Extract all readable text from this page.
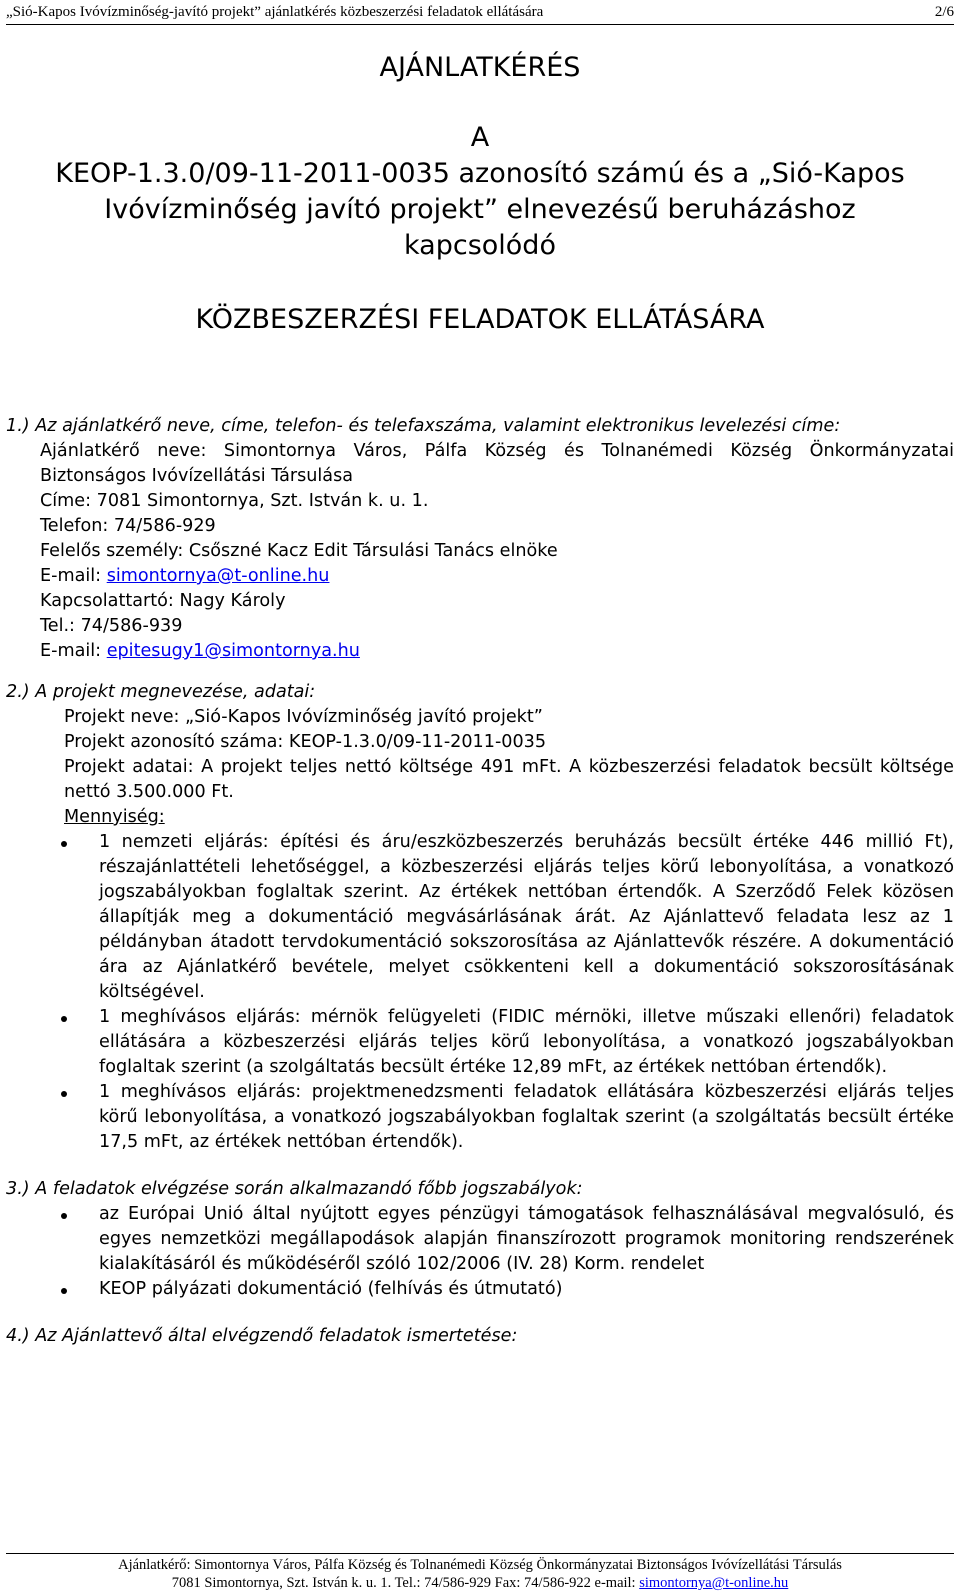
„Sió-Kapos Ivóvízminőség-javító projekt” ajánlatkérés közbeszerzési feladatok ellátására	2/6
AJÁNLATKÉRÉS
A
KEOP-1.3.0/09-11-2011-0035 azonosító számú és a „Sió-Kapos
Ivóvízminőség javító projekt” elnevezésű beruházáshoz
kapcsolódó
KÖZBESZERZÉSI FELADATOK ELLÁTÁSÁRA
1.) Az ajánlatkérő neve, címe, telefon- és telefaxszáma, valamint elektronikus levelezési címe:
Ajánlatkérő neve: Simontornya Város, Pálfa Község és Tolnanémedi Község Önkormányzatai Biztonságos Ivóvízellátási Társulása
Címe: 7081 Simontornya, Szt. István k. u. 1.
Telefon: 74/586-929
Felelős személy: Csőszné Kacz Edit Társulási Tanács elnöke
E-mail: simontornya@t-online.hu
Kapcsolattartó: Nagy Károly
Tel.: 74/586-939
E-mail: epitesugy1@simontornya.hu
2.) A projekt megnevezése, adatai:
Projekt neve: „Sió-Kapos Ivóvízminőség javító projekt”
Projekt azonosító száma: KEOP-1.3.0/09-11-2011-0035
Projekt adatai: A projekt teljes nettó költsége 491 mFt. A közbeszerzési feladatok becsült költsége nettó 3.500.000 Ft.
Mennyiség:
1 nemzeti eljárás: építési és áru/eszközbeszerzés beruházás becsült értéke 446 millió Ft), részajánlattételi lehetőséggel, a közbeszerzési eljárás teljes körű lebonyolítása, a vonatkozó jogszabályokban foglaltak szerint. Az értékek nettóban értendők. A Szerződő Felek közösen állapítják meg a dokumentáció megvásárlásának árát. Az Ajánlattevő feladata lesz az 1 példányban átadott tervdokumentáció sokszorosítása az Ajánlattevők részére. A dokumentáció ára az Ajánlatkérő bevétele, melyet csökkenteni kell a dokumentáció sokszorosításának költségével.
1 meghívásos eljárás: mérnök felügyeleti (FIDIC mérnöki, illetve műszaki ellenőri) feladatok ellátására a közbeszerzési eljárás teljes körű lebonyolítása, a vonatkozó jogszabályokban foglaltak szerint (a szolgáltatás becsült értéke 12,89 mFt, az értékek nettóban értendők).
1 meghívásos eljárás: projektmenedzsmenti feladatok ellátására közbeszerzési eljárás teljes körű lebonyolítása, a vonatkozó jogszabályokban foglaltak szerint (a szolgáltatás becsült értéke 17,5 mFt, az értékek nettóban értendők).
3.) A feladatok elvégzése során alkalmazandó főbb jogszabályok:
az Európai Unió által nyújtott egyes pénzügyi támogatások felhasználásával megvalósuló, és egyes nemzetközi megállapodások alapján finanszírozott programok monitoring rendszerének kialakításáról és működéséről szóló 102/2006 (IV. 28) Korm. rendelet
KEOP pályázati dokumentáció (felhívás és útmutató)
4.) Az Ajánlattevő által elvégzendő feladatok ismertetése:
Ajánlatkérő: Simontornya Város, Pálfa Község és Tolnanémedi Község Önkormányzatai Biztonságos Ivóvízellátási Társulás
7081 Simontornya, Szt. István k. u. 1. Tel.: 74/586-929 Fax: 74/586-922 e-mail: simontornya@t-online.hu
